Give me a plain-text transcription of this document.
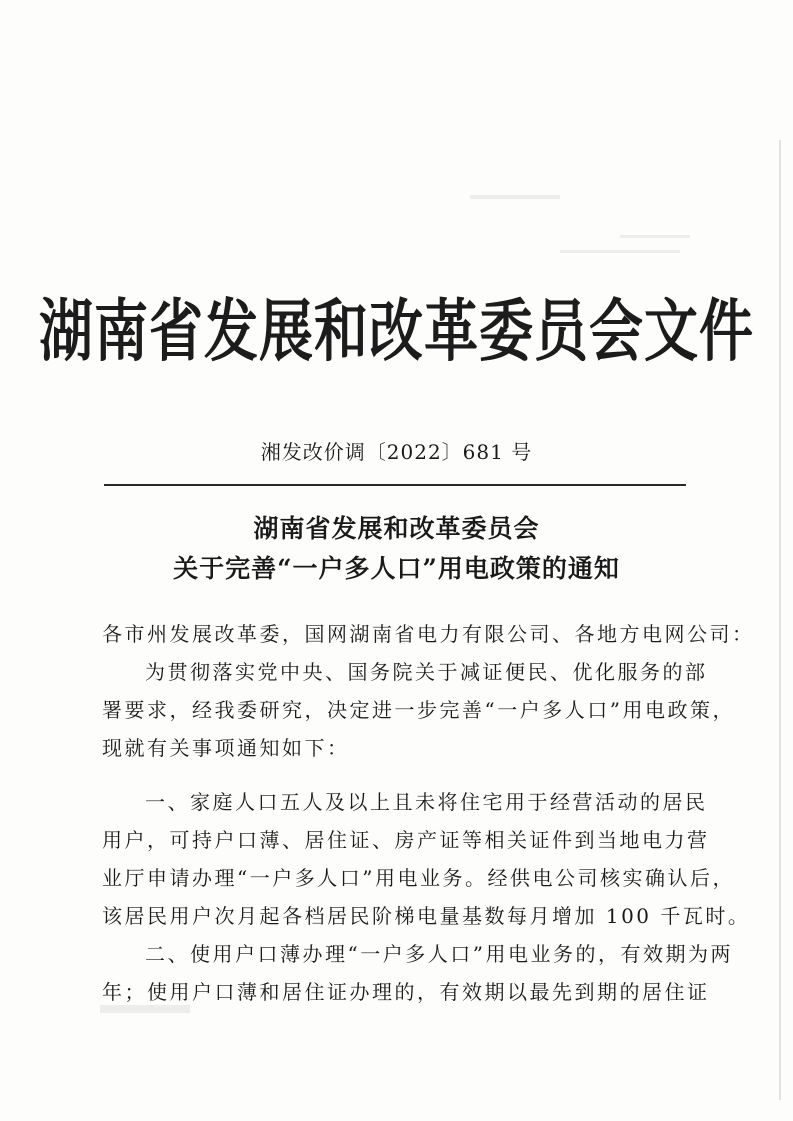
湖南省发展和改革委员会文件
湘发改价调〔2022〕681 号
湖南省发展和改革委员会
关于完善“一户多人口”用电政策的通知
各市州发展改革委，国网湖南省电力有限公司、各地方电网公司：
为贯彻落实党中央、国务院关于减证便民、优化服务的部
署要求，经我委研究，决定进一步完善“一户多人口”用电政策，
现就有关事项通知如下：
一、家庭人口五人及以上且未将住宅用于经营活动的居民
用户，可持户口薄、居住证、房产证等相关证件到当地电力营
业厅申请办理“一户多人口”用电业务。经供电公司核实确认后，
该居民用户次月起各档居民阶梯电量基数每月增加 100 千瓦时。
二、使用户口薄办理“一户多人口”用电业务的，有效期为两
年；使用户口薄和居住证办理的，有效期以最先到期的居住证
